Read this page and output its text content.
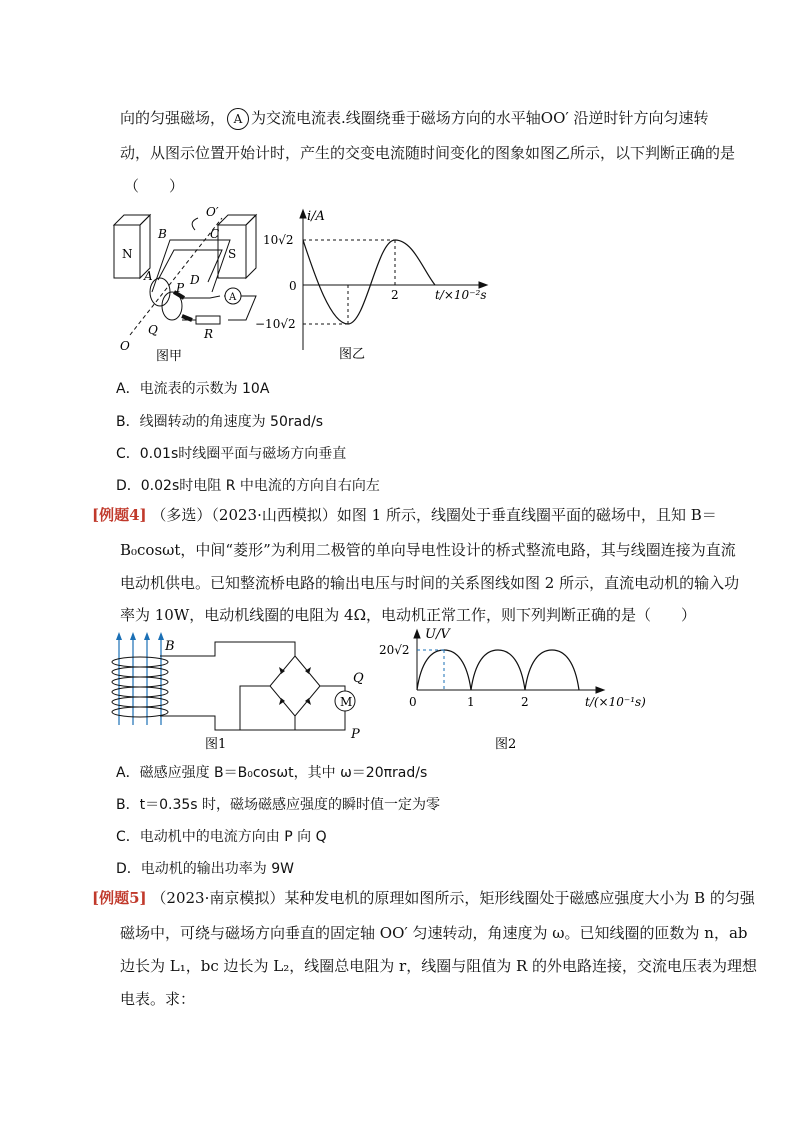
向的匀强磁场， A 为交流电流表.线圈绕垂于磁场方向的水平轴OO′ 沿逆时针方向匀速转
动，从图示位置开始计时，产生的交变电流随时间变化的图象如图乙所示，以下判断正确的是
（　　）
N	S
B	C
A	D
P
Q	R
O
O′
A
图甲
i/A
10√2
0
−10√2
2	t/×10⁻²s
图乙
A．电流表的示数为 10A
B．线圈转动的角速度为 50rad/s
C．0.01s时线圈平面与磁场方向垂直
D．0.02s时电阻 R 中电流的方向自右向左
[例题4] （多选）（2023·山西模拟）如图 1 所示，线圈处于垂直线圈平面的磁场中，且知 B＝
B₀cosωt，中间“菱形”为利用二极管的单向导电性设计的桥式整流电路，其与线圈连接为直流
电动机供电。已知整流桥电路的输出电压与时间的关系图线如图 2 所示，直流电动机的输入功
率为 10W，电动机线圈的电阻为 4Ω，电动机正常工作，则下列判断正确的是（　　）
M
B
Q
P
图1
U/V
20√2
0	1	2	t/(×10⁻¹s)
图2
A．磁感应强度 B＝B₀cosωt，其中 ω＝20πrad/s
B．t＝0.35s 时，磁场磁感应强度的瞬时值一定为零
C．电动机中的电流方向由 P 向 Q
D．电动机的输出功率为 9W
[例题5] （2023·南京模拟）某种发电机的原理如图所示，矩形线圈处于磁感应强度大小为 B 的匀强
磁场中，可绕与磁场方向垂直的固定轴 OO′ 匀速转动，角速度为 ω。已知线圈的匝数为 n，ab
边长为 L₁，bc 边长为 L₂，线圈总电阻为 r，线圈与阻值为 R 的外电路连接，交流电压表为理想
电表。求：
